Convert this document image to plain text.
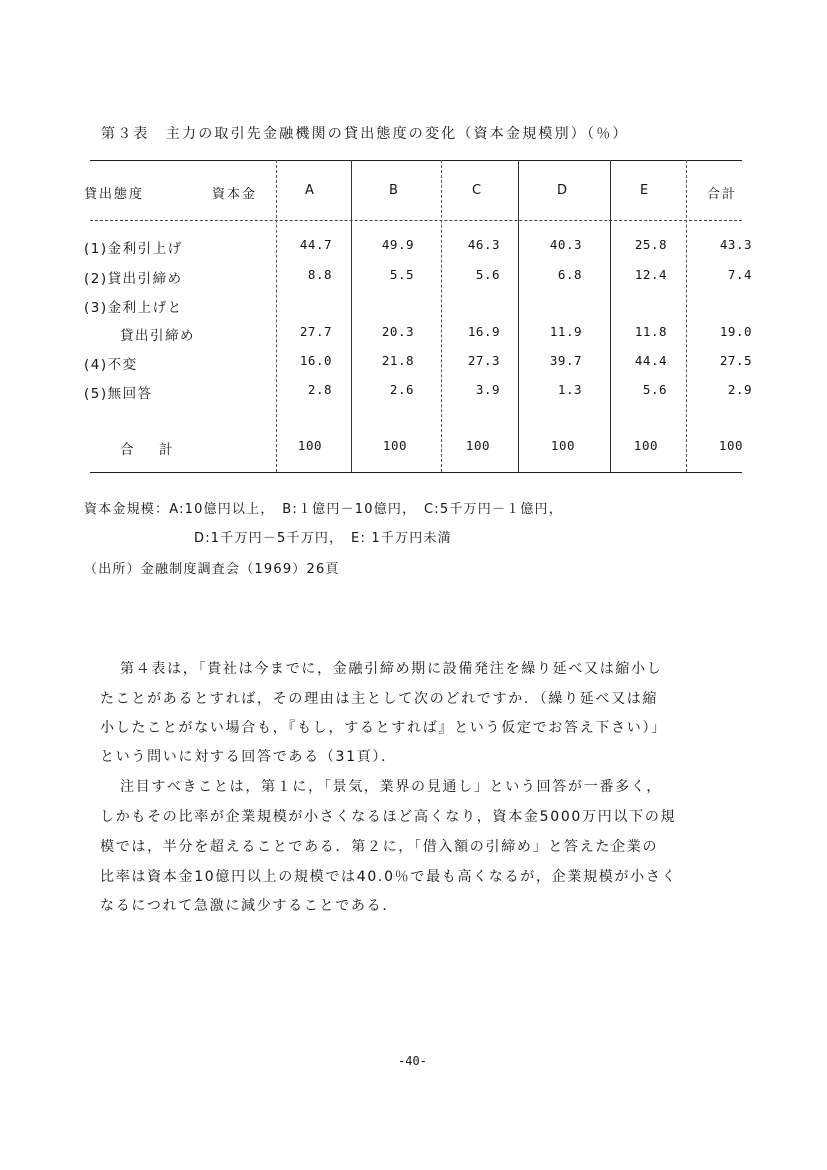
第３表　主力の取引先金融機関の貸出態度の変化（資本金規模別）（％）
貸出態度	資本金	A	B	C	D	E	合計
(1)金利引上げ	44.7	49.9	46.3	40.3	25.8	43.3
(2)貸出引締め	8.8	5.5	5.6	6.8	12.4	7.4
(3)金利上げと
貸出引締め	27.7	20.3	16.9	11.9	11.8	19.0
(4)不変	16.0	21.8	27.3	39.7	44.4	27.5
(5)無回答	2.8	2.6	3.9	1.3	5.6	2.9
合　計	100	100	100	100	100	100
資本金規模：A:10億円以上，　B:１億円－10億円，　C:5千万円－１億円，
D:1千万円－5千万円，　E: 1千万円未満
（出所）金融制度調査会（1969）26頁
第４表は，「貴社は今までに，金融引締め期に設備発注を繰り延べ又は縮小し
たことがあるとすれば，その理由は主として次のどれですか．（繰り延べ又は縮
小したことがない場合も，『もし，するとすれば』という仮定でお答え下さい）」
という問いに対する回答である（31頁）．
注目すべきことは，第１に，「景気，業界の見通し」という回答が一番多く，
しかもその比率が企業規模が小さくなるほど高くなり，資本金5000万円以下の規
模では，半分を超えることである．第２に，「借入額の引締め」と答えた企業の
比率は資本金10億円以上の規模では40.0％で最も高くなるが，企業規模が小さく
なるにつれて急激に減少することである．
-40-
